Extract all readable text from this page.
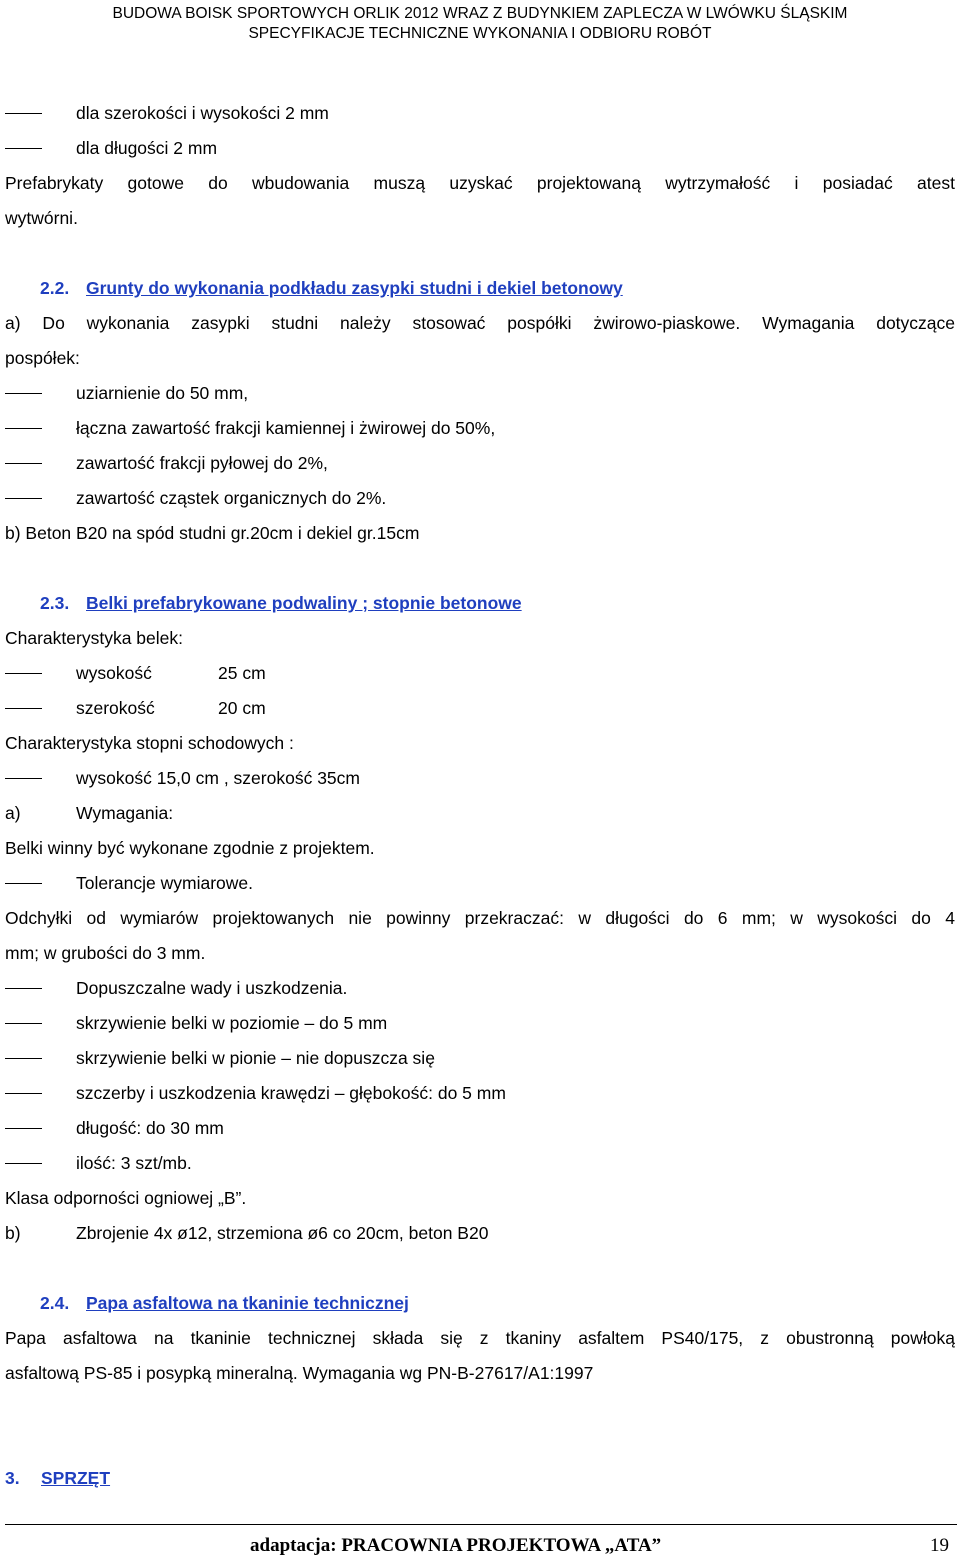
BUDOWA BOISK SPORTOWYCH ORLIK 2012 WRAZ Z BUDYNKIEM ZAPLECZA W LWÓWKU ŚLĄSKIM
SPECYFIKACJE TECHNICZNE WYKONANIA I ODBIORU ROBÓT
dla szerokości i wysokości 2 mm
dla długości 2 mm
Prefabrykaty gotowe do wbudowania muszą uzyskać projektowaną wytrzymałość i posiadać atest
wytwórni.
2.2. Grunty do wykonania podkładu zasypki studni i dekiel betonowy
a) Do wykonania zasypki studni należy stosować pospółki żwirowo-piaskowe. Wymagania dotyczące
pospółek:
uziarnienie do 50 mm,
łączna zawartość frakcji kamiennej i żwirowej do 50%,
zawartość frakcji pyłowej do 2%,
zawartość cząstek organicznych do 2%.
b) Beton B20 na spód studni gr.20cm i dekiel gr.15cm
2.3. Belki prefabrykowane podwaliny ; stopnie betonowe
Charakterystyka belek:
wysokość	25 cm
szerokość	20 cm
Charakterystyka stopni schodowych :
wysokość 15,0 cm , szerokość 35cm
a)	Wymagania:
Belki winny być wykonane zgodnie z projektem.
Tolerancje wymiarowe.
Odchyłki od wymiarów projektowanych nie powinny przekraczać: w długości do 6 mm; w wysokości do 4
mm; w grubości do 3 mm.
Dopuszczalne wady i uszkodzenia.
skrzywienie belki w poziomie – do 5 mm
skrzywienie belki w pionie – nie dopuszcza się
szczerby i uszkodzenia krawędzi – głębokość: do 5 mm
długość: do 30 mm
ilość: 3 szt/mb.
Klasa odporności ogniowej „B”.
b)	Zbrojenie 4x ø12, strzemiona ø6 co 20cm, beton B20
2.4. Papa asfaltowa na tkaninie technicznej
Papa asfaltowa na tkaninie technicznej składa się z tkaniny asfaltem PS40/175, z obustronną powłoką
asfaltową PS-85 i posypką mineralną. Wymagania wg PN-B-27617/A1:1997
3. SPRZĘT
adaptacja: PRACOWNIA PROJEKTOWA „ATA”	19
